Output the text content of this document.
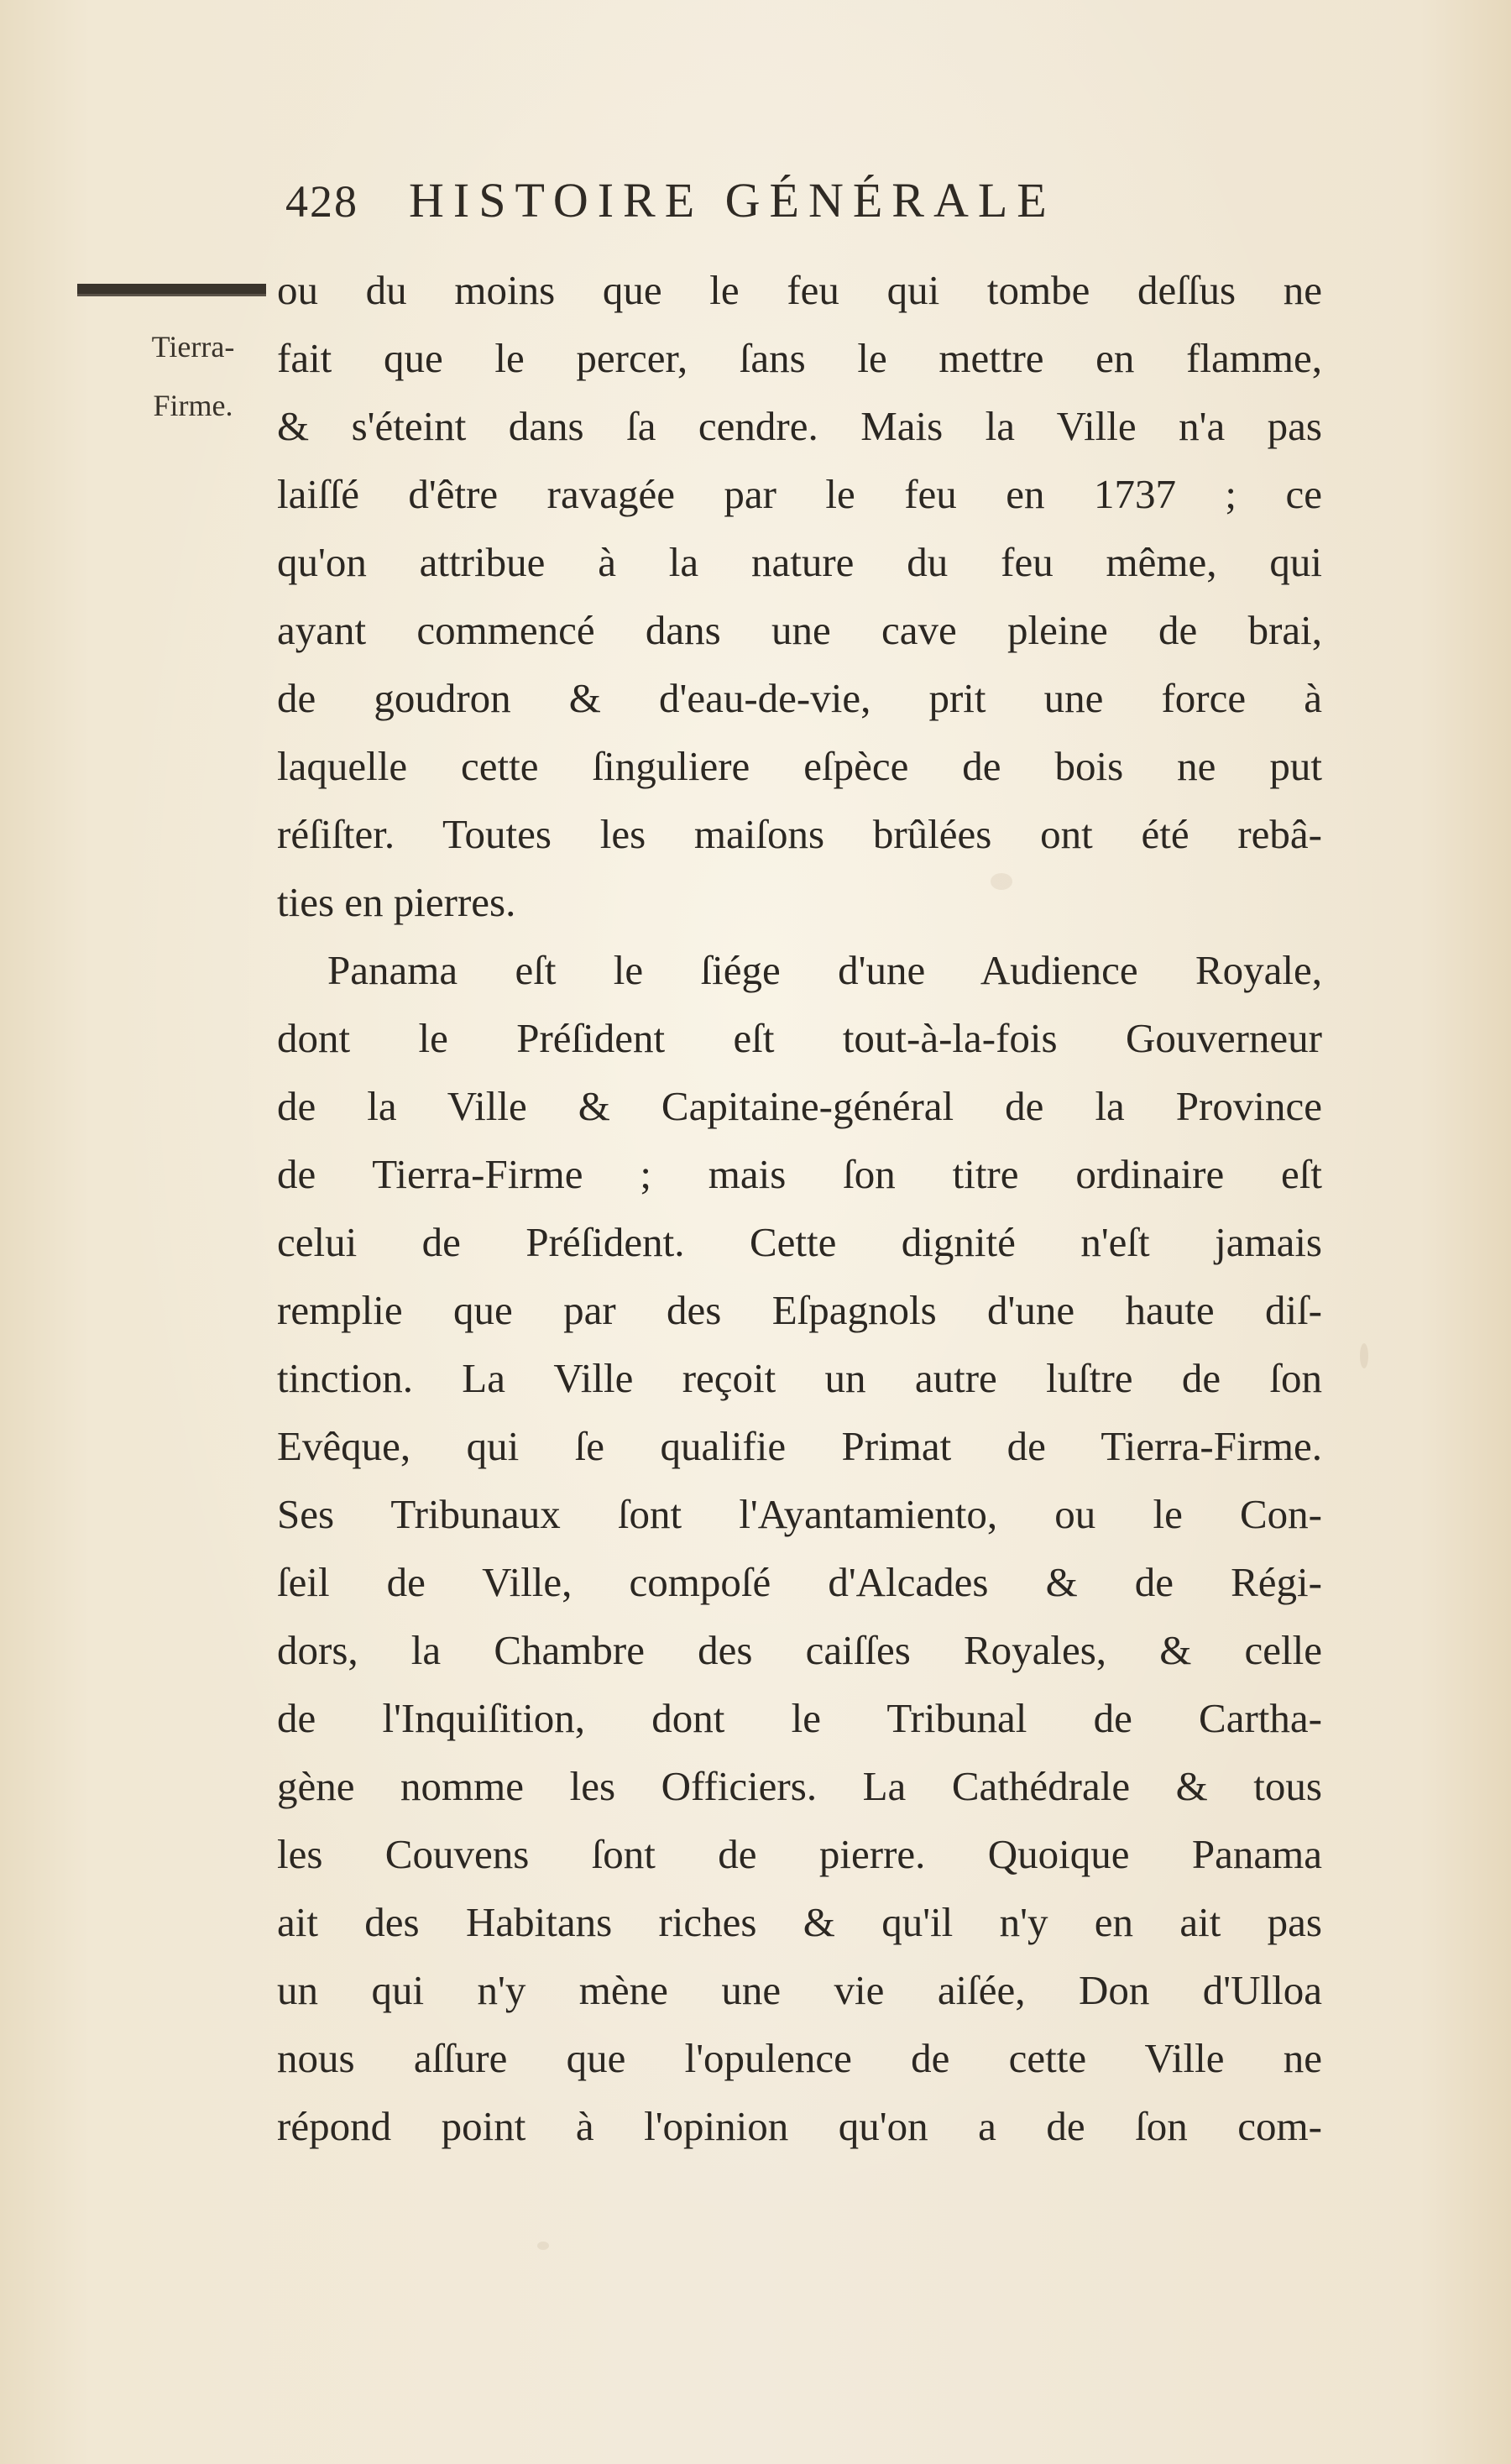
428 HISTOIRE GÉNÉRALE
Tierra-
Firme.
ou du moins que le feu qui tombe deſſus ne
fait que le percer, ſans le mettre en flamme,
& s'éteint dans ſa cendre. Mais la Ville n'a pas
laiſſé d'être ravagée par le feu en 1737 ; ce
qu'on attribue à la nature du feu même, qui
ayant commencé dans une cave pleine de brai,
de goudron & d'eau-de-vie, prit une force à
laquelle cette ſinguliere eſpèce de bois ne put
réſiſter. Toutes les maiſons brûlées ont été rebâ-
ties en pierres.
Panama eſt le ſiége d'une Audience Royale,
dont le Préſident eſt tout-à-la-fois Gouverneur
de la Ville & Capitaine-général de la Province
de Tierra-Firme ; mais ſon titre ordinaire eſt
celui de Préſident. Cette dignité n'eſt jamais
remplie que par des Eſpagnols d'une haute diſ-
tinction. La Ville reçoit un autre luſtre de ſon
Evêque, qui ſe qualifie Primat de Tierra-Firme.
Ses Tribunaux ſont l'Ayantamiento, ou le Con-
ſeil de Ville, compoſé d'Alcades & de Régi-
dors, la Chambre des caiſſes Royales, & celle
de l'Inquiſition, dont le Tribunal de Cartha-
gène nomme les Officiers. La Cathédrale & tous
les Couvens ſont de pierre. Quoique Panama
ait des Habitans riches & qu'il n'y en ait pas
un qui n'y mène une vie aiſée, Don d'Ulloa
nous aſſure que l'opulence de cette Ville ne
répond point à l'opinion qu'on a de ſon com-
